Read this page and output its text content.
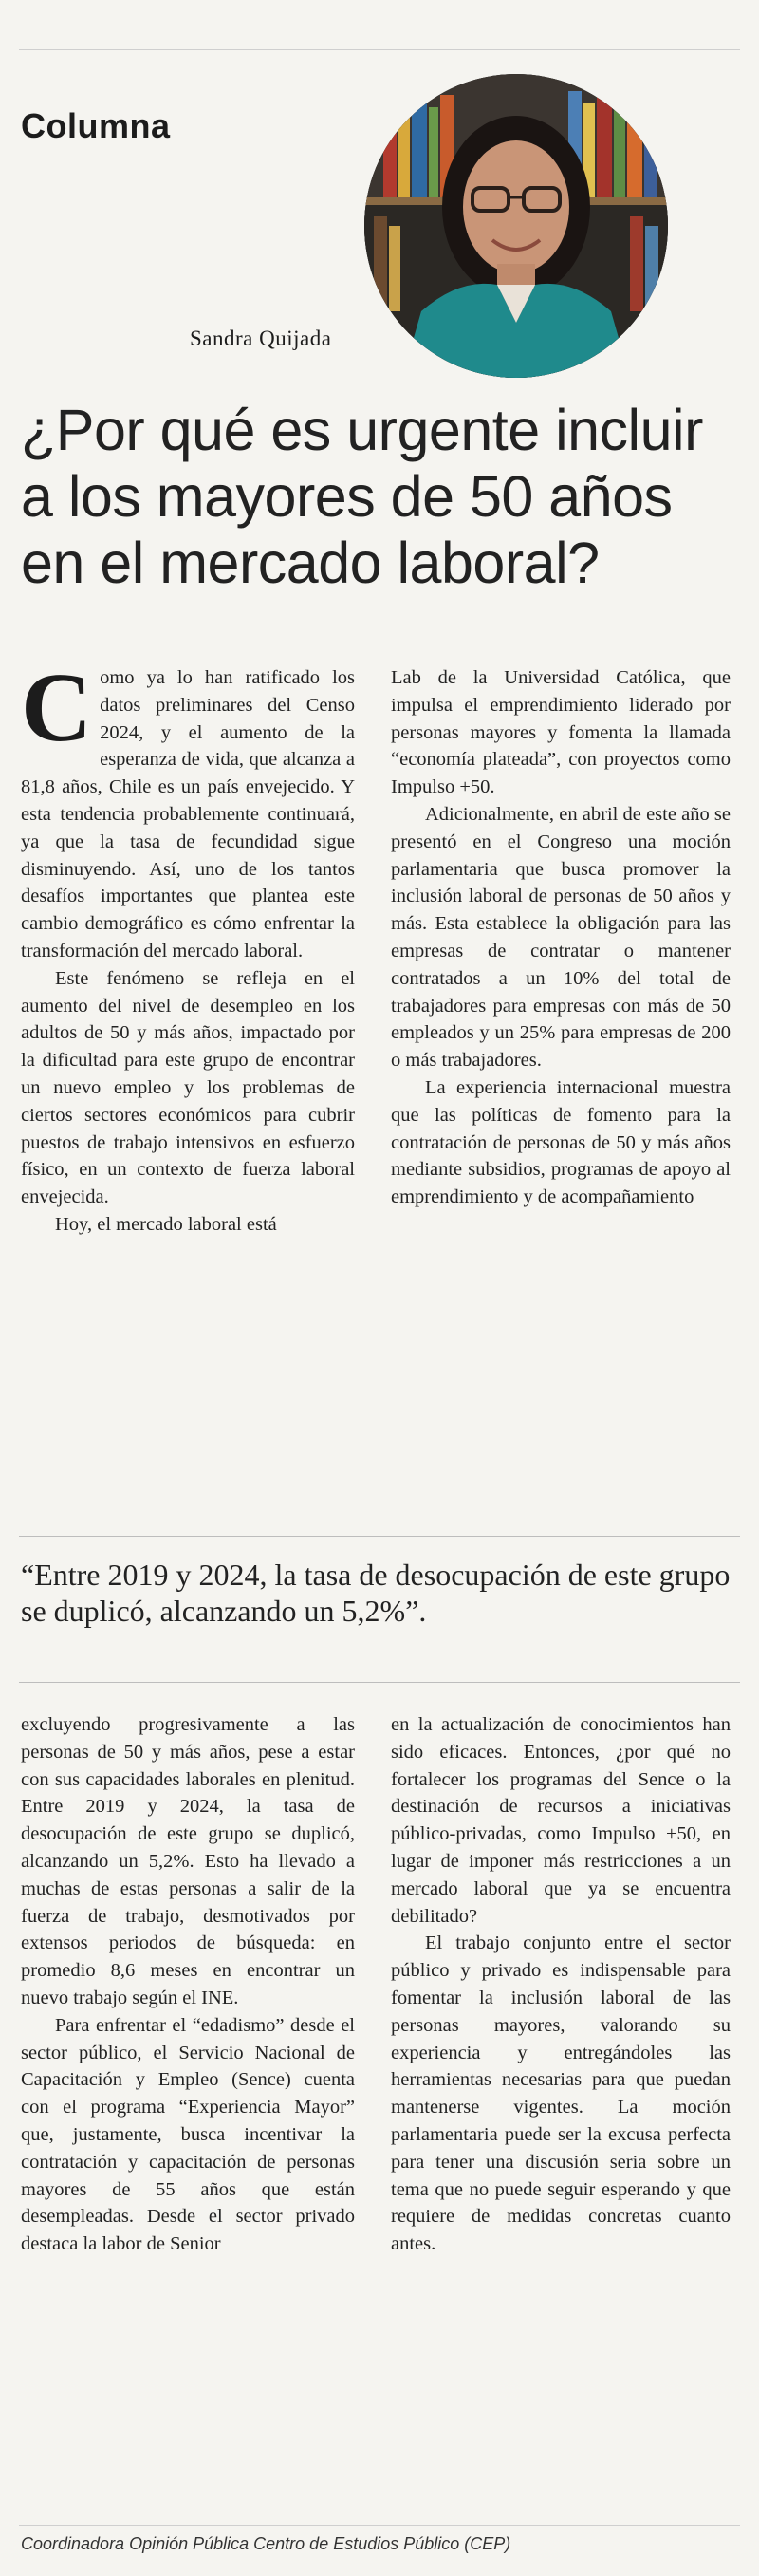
Columna
Sandra Quijada
¿Por qué es urgente incluir a los mayores de 50 años en el mercado laboral?
C omo ya lo han ratificado los datos preliminares del Censo 2024, y el aumento de la esperanza de vida, que alcanza a 81,8 años, Chile es un país envejecido. Y esta tendencia probablemente continuará, ya que la tasa de fecundidad sigue disminuyendo. Así, uno de los tantos desafíos importantes que plantea este cambio demográfico es cómo enfrentar la transformación del mercado laboral.

Este fenómeno se refleja en el aumento del nivel de desempleo en los adultos de 50 y más años, impactado por la dificultad para este grupo de encontrar un nuevo empleo y los problemas de ciertos sectores económicos para cubrir puestos de trabajo intensivos en esfuerzo físico, en un contexto de fuerza laboral envejecida.

Hoy, el mercado laboral está

Lab de la Universidad Católica, que impulsa el emprendimiento liderado por personas mayores y fomenta la llamada “economía plateada”, con proyectos como Impulso +50.

Adicionalmente, en abril de este año se presentó en el Congreso una moción parlamentaria que busca promover la inclusión laboral de personas de 50 años y más. Esta establece la obligación para las empresas de contratar o mantener contratados a un 10% del total de trabajadores para empresas con más de 50 empleados y un 25% para empresas de 200 o más trabajadores.

La experiencia internacional muestra que las políticas de fomento para la contratación de personas de 50 y más años mediante subsidios, programas de apoyo al emprendimiento y de acompañamiento

“Entre 2019 y 2024, la tasa de desocupación de este grupo se duplicó, alcanzando un 5,2%”.

excluyendo progresivamente a las personas de 50 y más años, pese a estar con sus capacidades laborales en plenitud. Entre 2019 y 2024, la tasa de desocupación de este grupo se duplicó, alcanzando un 5,2%. Esto ha llevado a muchas de estas personas a salir de la fuerza de trabajo, desmotivados por extensos periodos de búsqueda: en promedio 8,6 meses en encontrar un nuevo trabajo según el INE.

Para enfrentar el “edadismo” desde el sector público, el Servicio Nacional de Capacitación y Empleo (Sence) cuenta con el programa “Experiencia Mayor” que, justamente, busca incentivar la contratación y capacitación de personas mayores de 55 años que están desempleadas. Desde el sector privado destaca la labor de Senior

en la actualización de conocimientos han sido eficaces. Entonces, ¿por qué no fortalecer los programas del Sence o la destinación de recursos a iniciativas público-privadas, como Impulso +50, en lugar de imponer más restricciones a un mercado laboral que ya se encuentra debilitado?

El trabajo conjunto entre el sector público y privado es indispensable para fomentar la inclusión laboral de las personas mayores, valorando su experiencia y entregándoles las herramientas necesarias para que puedan mantenerse vigentes. La moción parlamentaria puede ser la excusa perfecta para tener una discusión seria sobre un tema que no puede seguir esperando y que requiere de medidas concretas cuanto antes.

Coordinadora Opinión Pública Centro de Estudios Público (CEP)
